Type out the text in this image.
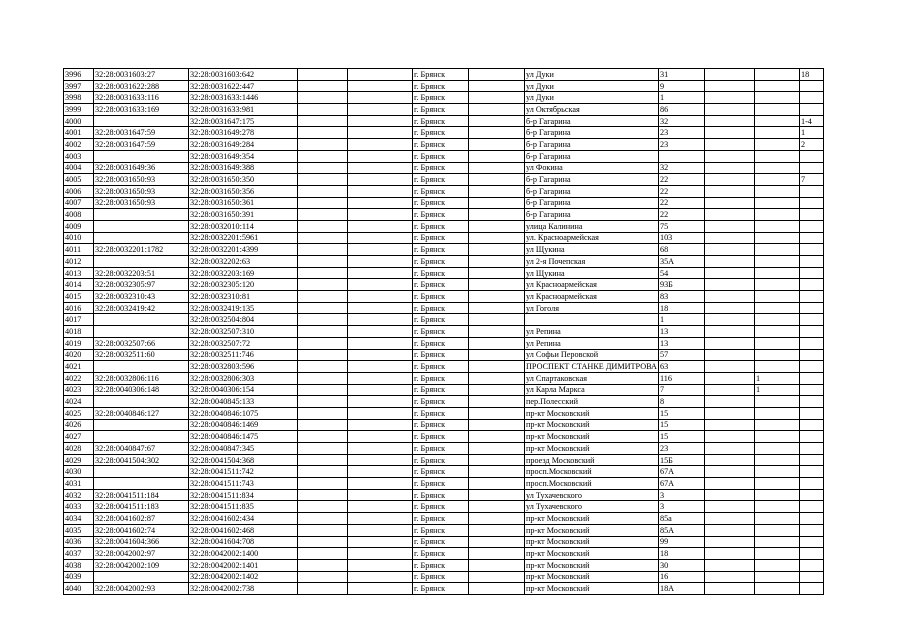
3996	32:28:0031603:27	32:28:0031603:642			г. Брянск		ул Дуки	31			18
3997	32:28:0031622:288	32:28:0031622:447			г. Брянск		ул Дуки	9			
3998	32:28:0031633:116	32:28:0031633:1446			г. Брянск		ул Дуки	1			
3999	32:28:0031633:169	32:28:0031633:981			г. Брянск		ул Октябрьская	86			
4000		32:28:0031647:175			г. Брянск		б-р Гагарина	32			1-4
4001	32:28:0031647:59	32:28:0031649:278			г. Брянск		б-р Гагарина	23			1
4002	32:28:0031647:59	32:28:0031649:284			г. Брянск		б-р Гагарина	23			2
4003		32:28:0031649:354			г. Брянск		б-р Гагарина				
4004	32:28:0031649:36	32:28:0031649:388			г. Брянск		ул Фокина	32			
4005	32:28:0031650:93	32:28:0031650:350			г. Брянск		б-р Гагарина	22			7
4006	32:28:0031650:93	32:28:0031650:356			г. Брянск		б-р Гагарина	22			
4007	32:28:0031650:93	32:28:0031650:361			г. Брянск		б-р Гагарина	22			
4008		32:28:0031650:391			г. Брянск		б-р Гагарина	22			
4009		32:28:0032010:114			г. Брянск		улица Калинина	75			
4010		32:28:0032201:5961			г. Брянск		ул. Красноармейская	103			
4011	32:28:0032201:1782	32:28:0032201:4399			г. Брянск		ул Щукина	68			
4012		32:28:0032202:63			г. Брянск		ул 2-я Почепская	35А			
4013	32:28:0032203:51	32:28:0032203:169			г. Брянск		ул Щукина	54			
4014	32:28:0032305:97	32:28:0032305:120			г. Брянск		ул Красноармейская	93Б			
4015	32:28:0032310:43	32:28:0032310:81			г. Брянск		ул Красноармейская	83			
4016	32:28:0032419:42	32:28:0032419:135			г. Брянск		ул Гоголя	18			
4017		32:28:0032504:804			г. Брянск			1			
4018		32:28:0032507:310			г. Брянск		ул Репина	13			
4019	32:28:0032507:66	32:28:0032507:72			г. Брянск		ул Репина	13			
4020	32:28:0032511:60	32:28:0032511:746			г. Брянск		ул Софьи Перовской	57			
4021		32:28:0032803:596			г. Брянск		ПРОСПЕКТ СТАНКЕ ДИМИТРОВА	63			
4022	32:28:0032806:116	32:28:0032806:303			г. Брянск		ул Спартаковская	116		1	
4023	32:28:0040306:148	32:28:0040306:154			г. Брянск		ул Карла Маркса	7		1	
4024		32:28:0040845:133			г. Брянск		пер.Полесский	8			
4025	32:28:0040846:127	32:28:0040846:1075			г. Брянск		пр-кт Московский	15			
4026		32:28:0040846:1469			г. Брянск		пр-кт Московский	15			
4027		32:28:0040846:1475			г. Брянск		пр-кт Московский	15			
4028	32:28:0040847:67	32:28:0040847:345			г. Брянск		пр-кт Московский	23			
4029	32:28:0041504:302	32:28:0041504:368			г. Брянск		проезд Московский	15Б			
4030		32:28:0041511:742			г. Брянск		просп.Московский	67А			
4031		32:28:0041511:743			г. Брянск		просп.Московский	67А			
4032	32:28:0041511:184	32:28:0041511:834			г. Брянск		ул Тухачевского	3			
4033	32:28:0041511:183	32:28:0041511:835			г. Брянск		ул Тухачевского	3			
4034	32:28:0041602:87	32:28:0041602:434			г. Брянск		пр-кт Московский	85а			
4035	32:28:0041602:74	32:28:0041602:468			г. Брянск		пр-кт Московский	85А			
4036	32:28:0041604:366	32:28:0041604:708			г. Брянск		пр-кт Московский	99			
4037	32:28:0042002:97	32:28:0042002:1400			г. Брянск		пр-кт Московский	18			
4038	32:28:0042002:109	32:28:0042002:1401			г. Брянск		пр-кт Московский	30			
4039		32:28:0042002:1402			г. Брянск		пр-кт Московский	16			
4040	32:28:0042002:93	32:28:0042002:738			г. Брянск		пр-кт Московский	18А			
